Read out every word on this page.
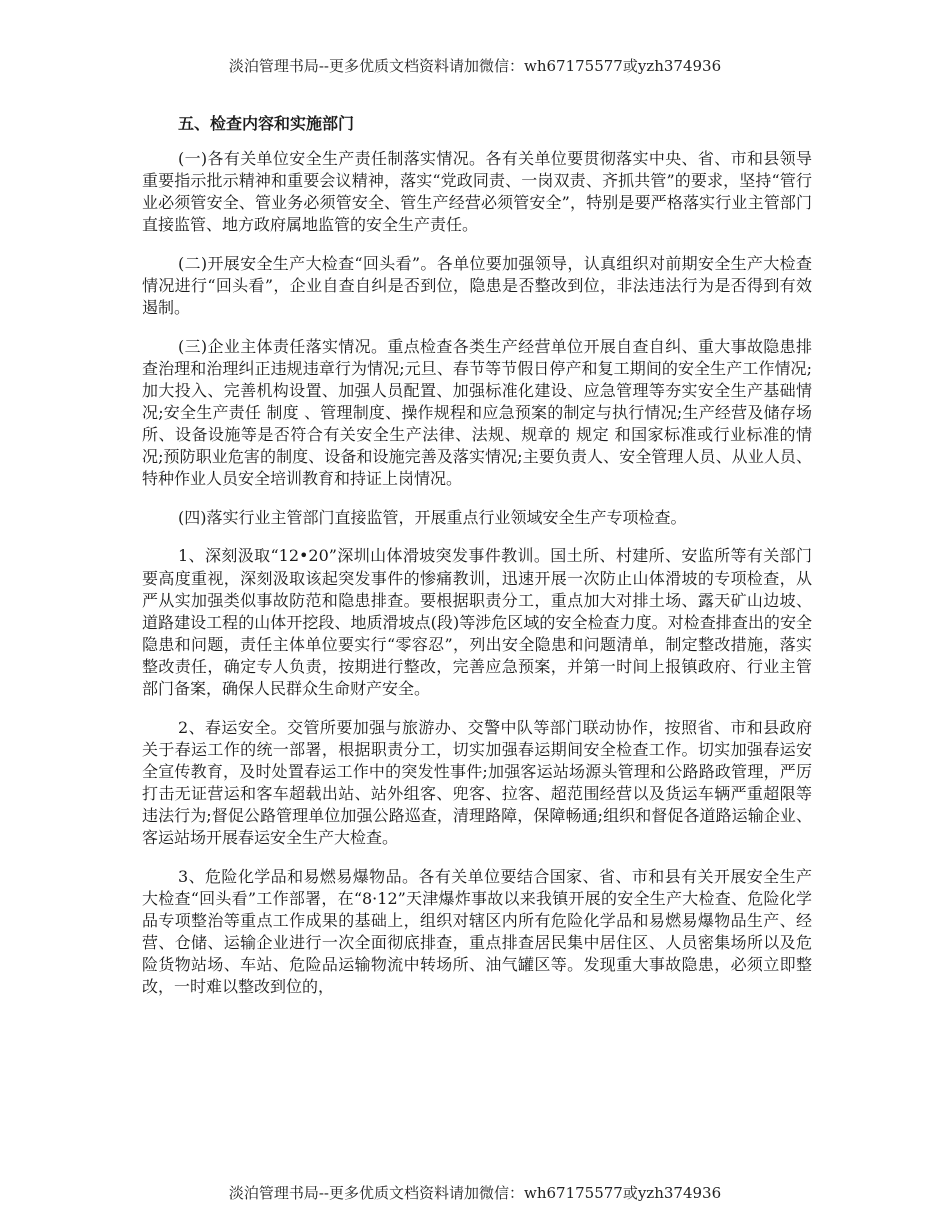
淡泊管理书局--更多优质文档资料请加微信：wh67175577或yzh374936
五、检查内容和实施部门

(一)各有关单位安全生产责任制落实情况。各有关单位要贯彻落实中央、省、市和县领导重要指示批示精神和重要会议精神，落实“党政同责、一岗双责、齐抓共管”的要求，坚持“管行业必须管安全、管业务必须管安全、管生产经营必须管安全”，特别是要严格落实行业主管部门直接监管、地方政府属地监管的安全生产责任。

(二)开展安全生产大检查“回头看”。各单位要加强领导，认真组织对前期安全生产大检查情况进行“回头看”，企业自查自纠是否到位，隐患是否整改到位，非法违法行为是否得到有效遏制。

(三)企业主体责任落实情况。重点检查各类生产经营单位开展自查自纠、重大事故隐患排查治理和治理纠正违规违章行为情况;元旦、春节等节假日停产和复工期间的安全生产工作情况;加大投入、完善机构设置、加强人员配置、加强标准化建设、应急管理等夯实安全生产基础情况;安全生产责任 制度 、管理制度、操作规程和应急预案的制定与执行情况;生产经营及储存场所、设备设施等是否符合有关安全生产法律、法规、规章的 规定 和国家标准或行业标准的情况;预防职业危害的制度、设备和设施完善及落实情况;主要负责人、安全管理人员、从业人员、特种作业人员安全培训教育和持证上岗情况。

(四)落实行业主管部门直接监管，开展重点行业领域安全生产专项检查。

1、深刻汲取“12•20”深圳山体滑坡突发事件教训。国土所、村建所、安监所等有关部门要高度重视，深刻汲取该起突发事件的惨痛教训，迅速开展一次防止山体滑坡的专项检查，从严从实加强类似事故防范和隐患排查。要根据职责分工，重点加大对排土场、露天矿山边坡、道路建设工程的山体开挖段、地质滑坡点(段)等涉危区域的安全检查力度。对检查排查出的安全隐患和问题，责任主体单位要实行“零容忍”，列出安全隐患和问题清单，制定整改措施，落实整改责任，确定专人负责，按期进行整改，完善应急预案，并第一时间上报镇政府、行业主管部门备案，确保人民群众生命财产安全。

2、春运安全。交管所要加强与旅游办、交警中队等部门联动协作，按照省、市和县政府关于春运工作的统一部署，根据职责分工，切实加强春运期间安全检查工作。切实加强春运安全宣传教育，及时处置春运工作中的突发性事件;加强客运站场源头管理和公路路政管理，严厉打击无证营运和客车超载出站、站外组客、兜客、拉客、超范围经营以及货运车辆严重超限等违法行为;督促公路管理单位加强公路巡查，清理路障，保障畅通;组织和督促各道路运输企业、客运站场开展春运安全生产大检查。

3、危险化学品和易燃易爆物品。各有关单位要结合国家、省、市和县有关开展安全生产大检查“回头看”工作部署，在“8·12”天津爆炸事故以来我镇开展的安全生产大检查、危险化学品专项整治等重点工作成果的基础上，组织对辖区内所有危险化学品和易燃易爆物品生产、经营、仓储、运输企业进行一次全面彻底排查，重点排查居民集中居住区、人员密集场所以及危险货物站场、车站、危险品运输物流中转场所、油气罐区等。发现重大事故隐患，必须立即整改，一时难以整改到位的，

淡泊管理书局--更多优质文档资料请加微信：wh67175577或yzh374936
